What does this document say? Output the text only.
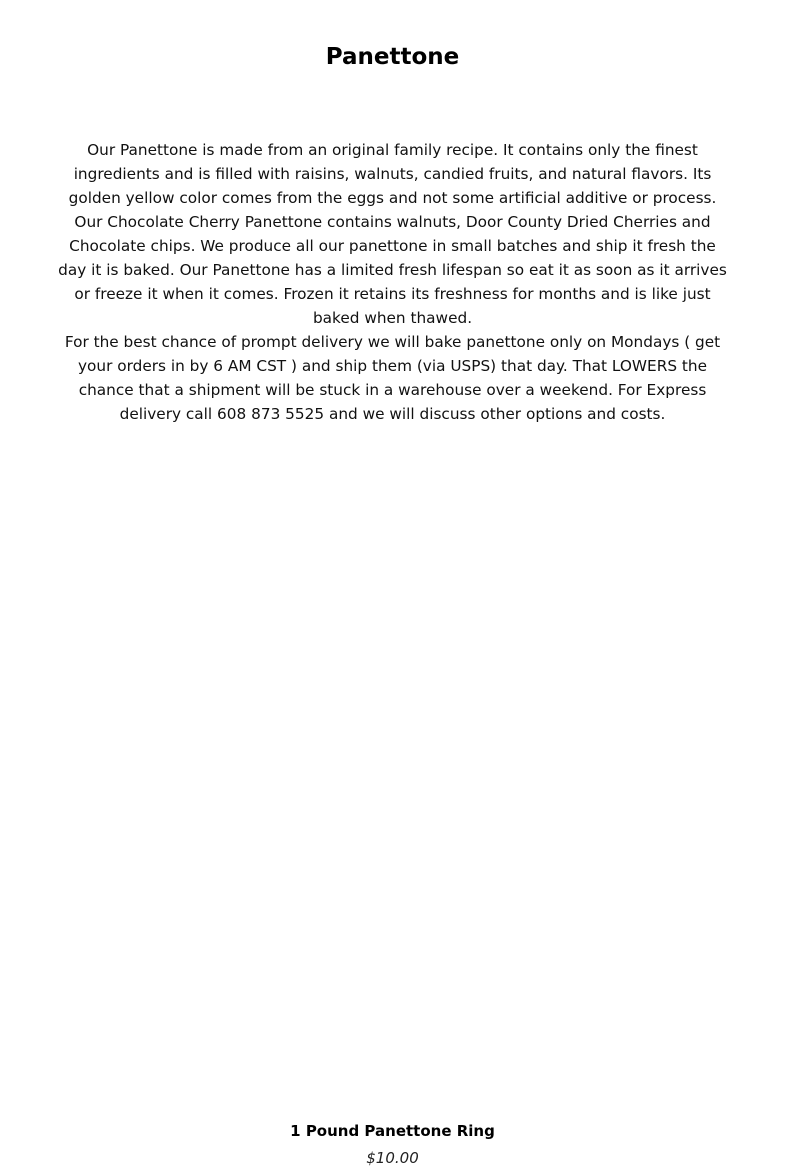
Panettone

Our Panettone is made from an original family recipe. It contains only the finest ingredients and is filled with raisins, walnuts, candied fruits, and natural flavors. Its golden yellow color comes from the eggs and not some artificial additive or process. Our Chocolate Cherry Panettone contains walnuts, Door County Dried Cherries and Chocolate chips. We produce all our panettone in small batches and ship it fresh the day it is baked. Our Panettone has a limited fresh lifespan so eat it as soon as it arrives or freeze it when it comes. Frozen it retains its freshness for months and is like just baked when thawed.

For the best chance of prompt delivery we will bake panettone only on Mondays ( get your orders in by 6 AM CST ) and ship them (via USPS) that day. That LOWERS the chance that a shipment will be stuck in a warehouse over a weekend. For Express delivery call 608 873 5525 and we will discuss other options and costs.

1 Pound Panettone Ring
$10.00
